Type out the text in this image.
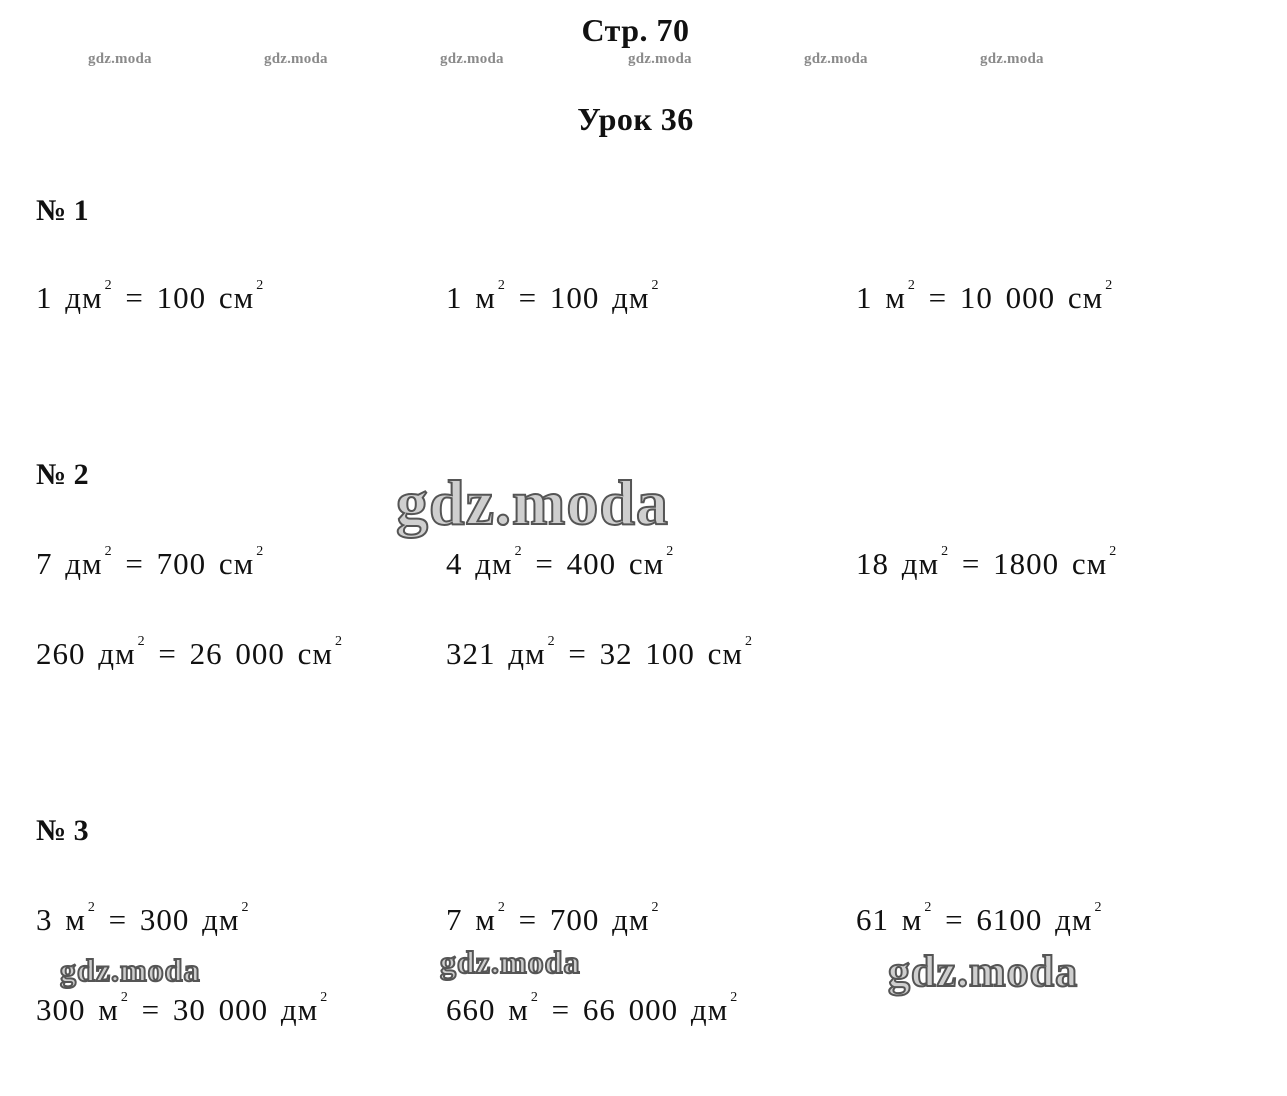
Стр. 70
gdz.moda	gdz.moda	gdz.moda	gdz.moda	gdz.moda	gdz.moda
Урок 36
№ 1
1 дм $^2$ = 100 см $^2$	1 м $^2$ = 100 дм $^2$	1 м $^2$ = 10 000 см $^2$
№ 2	gdz.moda
7 дм $^2$ = 700 см $^2$	4 дм $^2$ = 400 см $^2$	18 дм $^2$ = 1800 см $^2$
260 дм $^2$ = 26 000 см $^2$	321 дм $^2$ = 32 100 см $^2$
№ 3
3 м $^2$ = 300 дм $^2$	7 м $^2$ = 700 дм $^2$	61 м $^2$ = 6100 дм $^2$
gdz.moda	gdz.moda	gdz.moda
300 м $^2$ = 30 000 дм $^2$	660 м $^2$ = 66 000 дм $^2$
